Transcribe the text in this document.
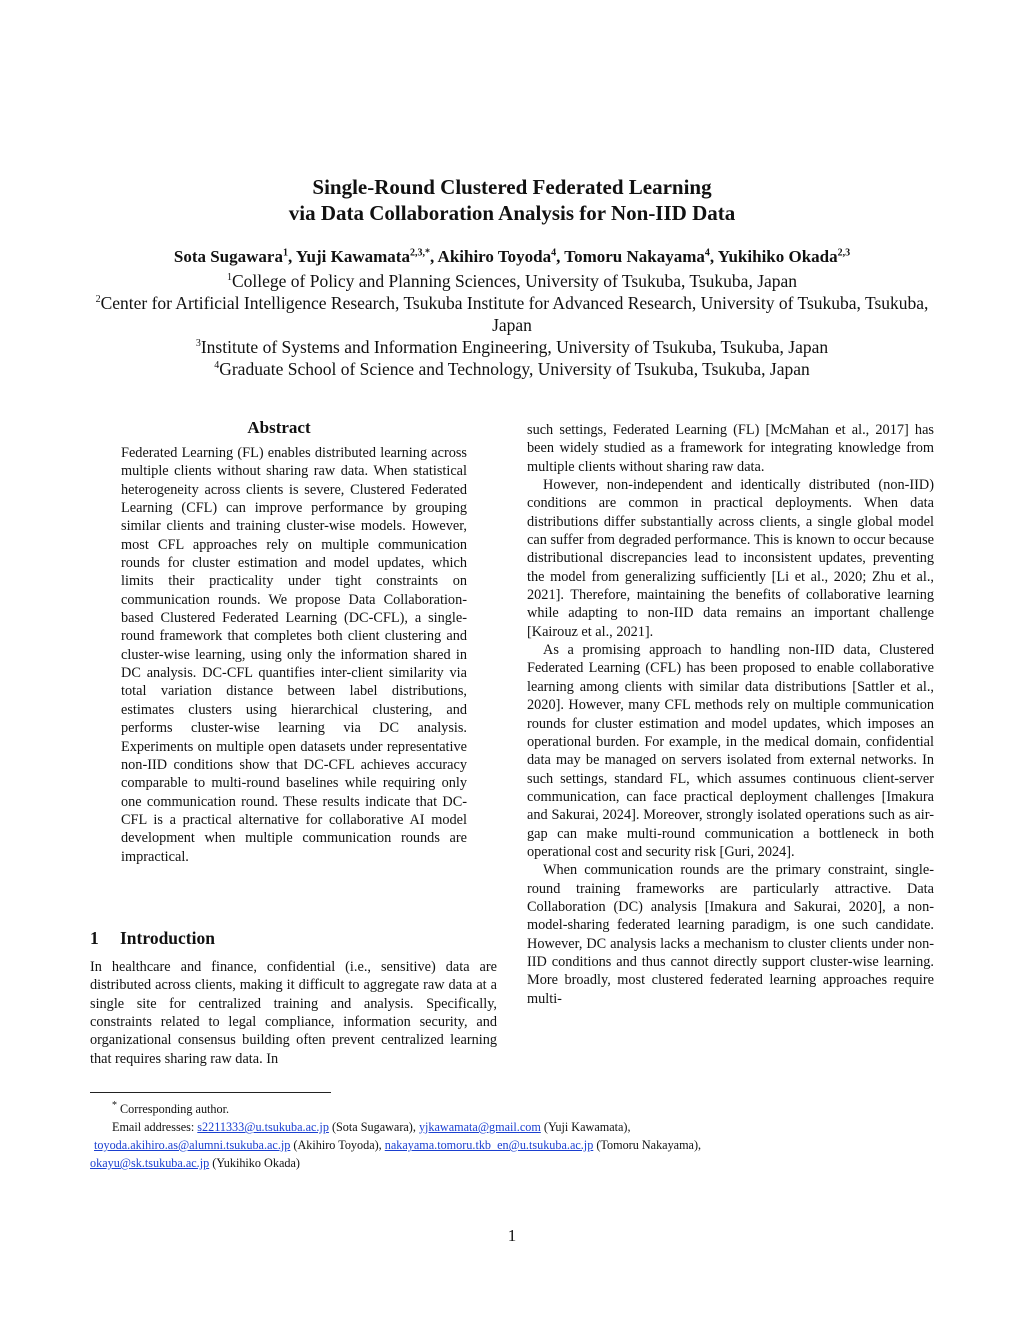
Single-Round Clustered Federated Learning
via Data Collaboration Analysis for Non-IID Data
Sota Sugawara$^1$, Yuji Kawamata$^{2,3,*}$, Akihiro Toyoda$^4$, Tomoru Nakayama$^4$, Yukihiko Okada$^{2,3}$
$^1$College of Policy and Planning Sciences, University of Tsukuba, Tsukuba, Japan
$^2$Center for Artificial Intelligence Research, Tsukuba Institute for Advanced Research, University of Tsukuba, Tsukuba, Japan
$^3$Institute of Systems and Information Engineering, University of Tsukuba, Tsukuba, Japan
$^4$Graduate School of Science and Technology, University of Tsukuba, Tsukuba, Japan
Abstract

Federated Learning (FL) enables distributed learning across multiple clients without sharing raw data. When statistical heterogeneity across clients is severe, Clustered Federated Learning (CFL) can improve performance by grouping similar clients and training cluster-wise models. However, most CFL approaches rely on multiple communication rounds for cluster estimation and model updates, which limits their practicality under tight constraints on communication rounds. We propose Data Collaboration-based Clustered Federated Learning (DC-CFL), a single-round framework that completes both client clustering and cluster-wise learning, using only the information shared in DC analysis. DC-CFL quantifies inter-client similarity via total variation distance between label distributions, estimates clusters using hierarchical clustering, and performs cluster-wise learning via DC analysis. Experiments on multiple open datasets under representative non-IID conditions show that DC-CFL achieves accuracy comparable to multi-round baselines while requiring only one communication round. These results indicate that DC-CFL is a practical alternative for collaborative AI model development when multiple communication rounds are impractical.

1 Introduction

In healthcare and finance, confidential (i.e., sensitive) data are distributed across clients, making it difficult to aggregate raw data at a single site for centralized training and analysis. Specifically, constraints related to legal compliance, information security, and organizational consensus building often prevent centralized learning that requires sharing raw data. In

such settings, Federated Learning (FL) [McMahan et al., 2017] has been widely studied as a framework for integrating knowledge from multiple clients without sharing raw data.

However, non-independent and identically distributed (non-IID) conditions are common in practical deployments. When data distributions differ substantially across clients, a single global model can suffer from degraded performance. This is known to occur because distributional discrepancies lead to inconsistent updates, preventing the model from generalizing sufficiently [Li et al., 2020; Zhu et al., 2021]. Therefore, maintaining the benefits of collaborative learning while adapting to non-IID data remains an important challenge [Kairouz et al., 2021].

As a promising approach to handling non-IID data, Clustered Federated Learning (CFL) has been proposed to enable collaborative learning among clients with similar data distributions [Sattler et al., 2020]. However, many CFL methods rely on multiple communication rounds for cluster estimation and model updates, which imposes an operational burden. For example, in the medical domain, confidential data may be managed on servers isolated from external networks. In such settings, standard FL, which assumes continuous client-server communication, can face practical deployment challenges [Imakura and Sakurai, 2024]. Moreover, strongly isolated operations such as air-gap can make multi-round communication a bottleneck in both operational cost and security risk [Guri, 2024].

When communication rounds are the primary constraint, single-round training frameworks are particularly attractive. Data Collaboration (DC) analysis [Imakura and Sakurai, 2020], a non-model-sharing federated learning paradigm, is one such candidate. However, DC analysis lacks a mechanism to cluster clients under non-IID conditions and thus cannot directly support cluster-wise learning. More broadly, most clustered federated learning approaches require multi-

* Corresponding author.
Email addresses: s2211333@u.tsukuba.ac.jp (Sota Sugawara), yjkawamata@gmail.com (Yuji Kawamata),
toyoda.akihiro.as@alumni.tsukuba.ac.jp (Akihiro Toyoda), nakayama.tomoru.tkb_en@u.tsukuba.ac.jp (Tomoru Nakayama),
okayu@sk.tsukuba.ac.jp (Yukihiko Okada)
1
